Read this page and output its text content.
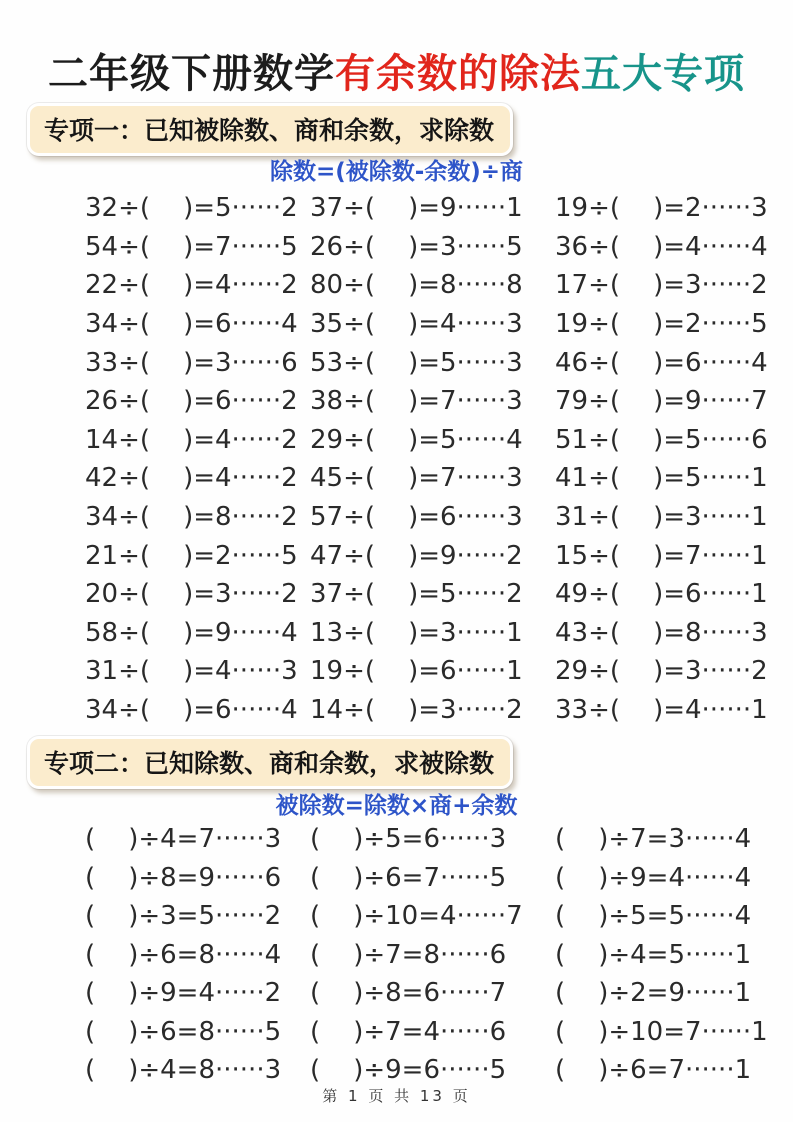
二年级下册数学有余数的除法五大专项
专项一：已知被除数、商和余数，求除数
除数=(被除数-余数)÷商
32÷(    )=5······2 37÷(    )=9······1	19÷(    )=2······3
54÷(    )=7······5 26÷(    )=3······5	36÷(    )=4······4
22÷(    )=4······2 80÷(    )=8······8	17÷(    )=3······2
34÷(    )=6······4 35÷(    )=4······3	19÷(    )=2······5
33÷(    )=3······6 53÷(    )=5······3	46÷(    )=6······4
26÷(    )=6······2 38÷(    )=7······3	79÷(    )=9······7
14÷(    )=4······2 29÷(    )=5······4	51÷(    )=5······6
42÷(    )=4······2 45÷(    )=7······3	41÷(    )=5······1
34÷(    )=8······2 57÷(    )=6······3	31÷(    )=3······1
21÷(    )=2······5 47÷(    )=9······2	15÷(    )=7······1
20÷(    )=3······2 37÷(    )=5······2	49÷(    )=6······1
58÷(    )=9······4 13÷(    )=3······1	43÷(    )=8······3
31÷(    )=4······3 19÷(    )=6······1	29÷(    )=3······2
34÷(    )=6······4 14÷(    )=3······2	33÷(    )=4······1
专项二：已知除数、商和余数，求被除数
被除数=除数×商+余数
(    )÷4=7······3	(    )÷5=6······3	(    )÷7=3······4
(    )÷8=9······6	(    )÷6=7······5	(    )÷9=4······4
(    )÷3=5······2	(    )÷10=4······7	(    )÷5=5······4
(    )÷6=8······4	(    )÷7=8······6	(    )÷4=5······1
(    )÷9=4······2	(    )÷8=6······7	(    )÷2=9······1
(    )÷6=8······5	(    )÷7=4······6	(    )÷10=7······1
(    )÷4=8······3	(    )÷9=6······5	(    )÷6=7······1
第 1 页 共 13 页
